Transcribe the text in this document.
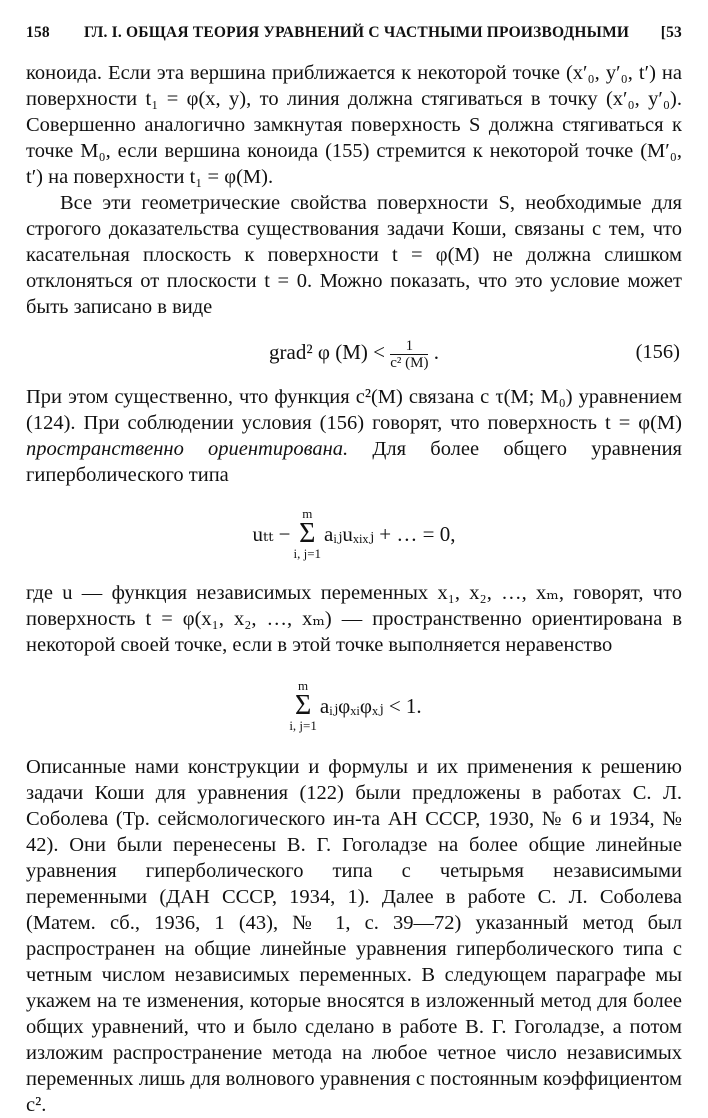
158	ГЛ. I. ОБЩАЯ ТЕОРИЯ УРАВНЕНИЙ С ЧАСТНЫМИ ПРОИЗВОДНЫМИ	[53

коноида. Если эта вершина приближается к некоторой точке (x′₀, y′₀, t′) на поверхности t₁ = φ(x, y), то линия должна стягиваться в точку (x′₀, y′₀). Совершенно аналогично замкнутая поверхность S должна стягиваться к точке M₀, если вершина коноида (155) стремится к некоторой точке (M′₀, t′) на поверхности t₁ = φ(M).

Все эти геометрические свойства поверхности S, необходимые для строгого доказательства существования задачи Коши, связаны с тем, что касательная плоскость к поверхности t = φ(M) не должна слишком отклоняться от плоскости t = 0. Можно показать, что это условие может быть записано в виде

grad² φ $(M) < \frac{1}{\text{c² (M)}}$ .	(156)

При этом существенно, что функция c²(M) связана с τ(M; M₀) уравнением (124). При соблюдении условия (156) говорят, что поверхность t = φ(M) пространственно ориентирована. Для более общего уравнения гиперболического типа

uₜₜ −
m
Σ
i, j=1
aᵢⱼuₓᵢₓⱼ + … = 0,

где u — функция независимых переменных x₁, x₂, …, xₘ, говорят, что поверхность t = φ(x₁, x₂, …, xₘ) — пространственно ориентирована в некоторой своей точке, если в этой точке выполняется неравенство

m
Σ
i, j=1
aᵢⱼφₓᵢφₓⱼ < 1.

Описанные нами конструкции и формулы и их применения к решению задачи Коши для уравнения (122) были предложены в работах С. Л. Соболева (Тр. сейсмологического ин-та АН СССР, 1930, № 6 и 1934, № 42). Они были перенесены В. Г. Гоголадзе на более общие линейные уравнения гиперболического типа с четырьмя независимыми переменными (ДАН СССР, 1934, 1). Далее в работе С. Л. Соболева (Матем. сб., 1936, 1 (43), № 1, с. 39—72) указанный метод был распространен на общие линейные уравнения гиперболического типа с четным числом независимых переменных. В следующем параграфе мы укажем на те изменения, которые вносятся в изложенный метод для более общих уравнений, что и было сделано в работе В. Г. Гоголадзе, а потом изложим распространение метода на любое четное число независимых переменных лишь для волнового уравнения с постоянным коэффициентом c².
